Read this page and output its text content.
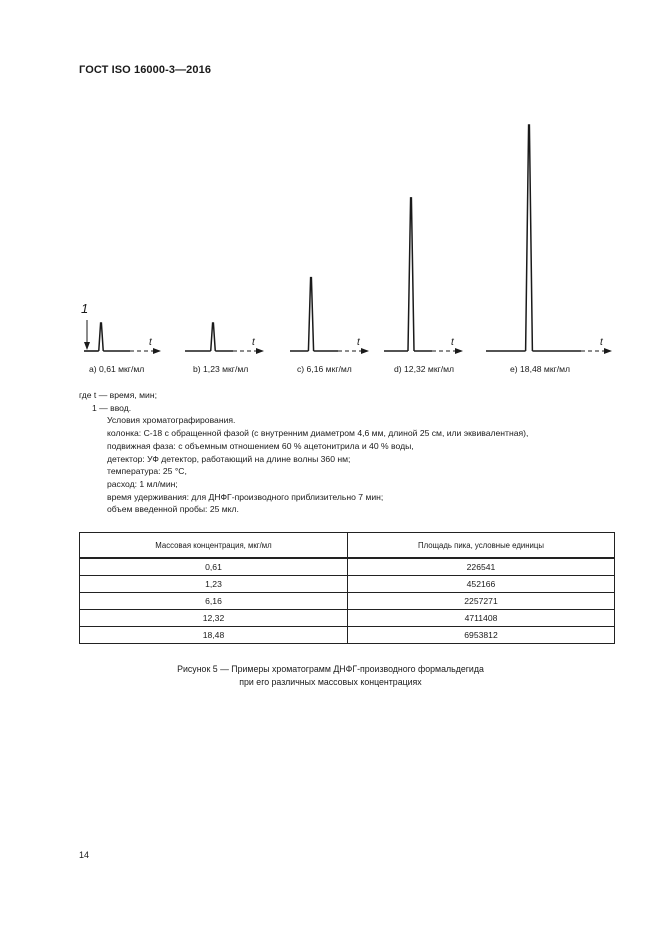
ГОСТ ISO 16000-3—2016
t
a) 0,61 мкг/мл
t
b) 1,23 мкг/мл
t
c) 6,16 мкг/мл
t
d) 12,32 мкг/мл
t
e) 18,48 мкг/мл
1
где t — время, мин;
1 — ввод.
Условия хроматографирования.
колонка: С-18 с обращенной фазой (с внутренним диаметром 4,6 мм, длиной 25 см, или эквивалентная),
подвижная фаза: с объемным отношением 60 % ацетонитрила и 40 % воды,
детектор: УФ детектор, работающий на длине волны 360 нм;
температура: 25 °С,
расход: 1 мл/мин;
время удерживания: для ДНФГ-производного приблизительно 7 мин;
объем введенной пробы: 25 мкл.
Массовая концентрация, мкг/мл	Площадь пика, условные единицы
0,61	226541
1,23	452166
6,16	2257271
12,32	4711408
18,48	6953812
Рисунок 5 — Примеры хроматограмм ДНФГ-производного формальдегида
при его различных массовых концентрациях
14
